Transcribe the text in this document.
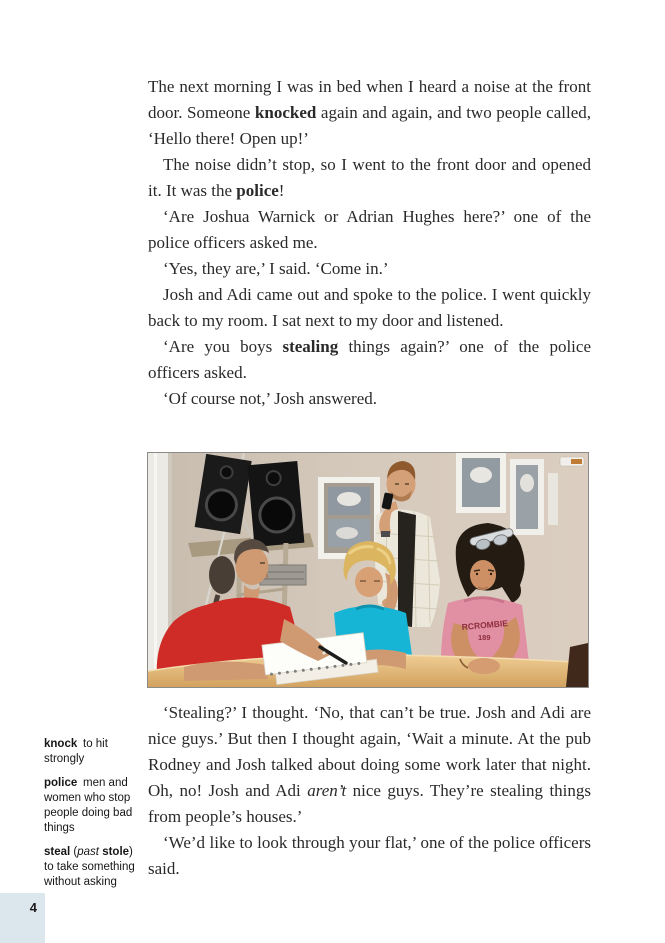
The next morning I was in bed when I heard a noise at the front door. Someone knocked again and again, and two people called, ‘Hello there! Open up!’

The noise didn’t stop, so I went to the front door and opened it. It was the police!

‘Are Joshua Warnick or Adrian Hughes here?’ one of the police officers asked me.

‘Yes, they are,’ I said. ‘Come in.’

Josh and Adi came out and spoke to the police. I went quickly back to my room. I sat next to my door and listened.

‘Are you boys stealing things again?’ one of the police officers asked.

‘Of course not,’ Josh answered.

RCROMBIE
189

‘Stealing?’ I thought. ‘No, that can’t be true. Josh and Adi are nice guys.’ But then I thought again, ‘Wait a minute. At the pub Rodney and Josh talked about doing some work later that night. Oh, no! Josh and Adi aren’t nice guys. They’re stealing things from people’s houses.’

‘We’d like to look through your flat,’ one of the police officers said.

knock to hit strongly

police men and women who stop people doing bad things

steal (past stole) to take something without asking

4
